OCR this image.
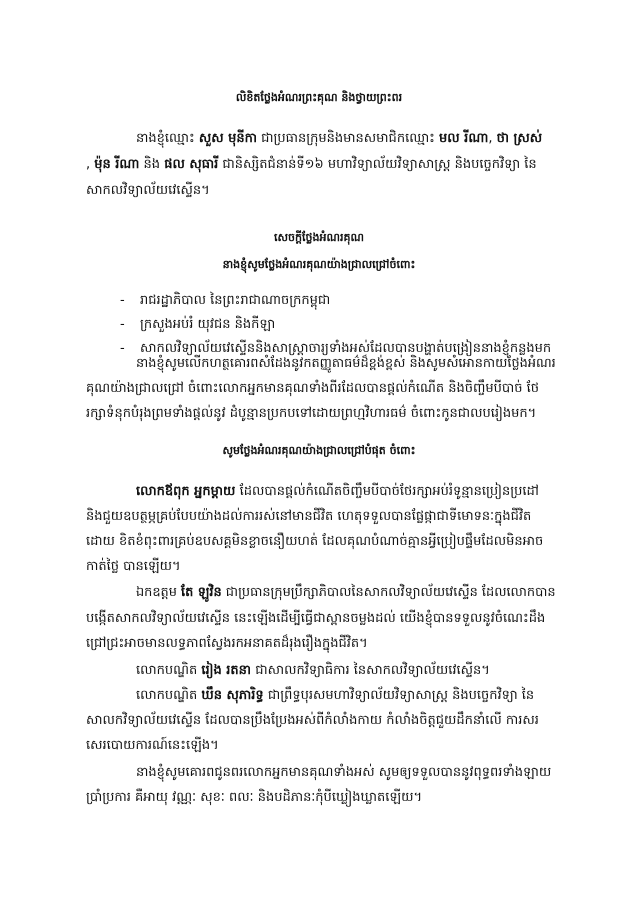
លិខិតថ្លែងអំណរព្រះគុណ និងថ្វាយព្រះពរ
នាងខ្ញុំឈ្មោះ សួស មុនីកា ជាប្រធានក្រុមនិងមានសមាជិកឈ្មោះ មល រីណា, ថា ស្រស់
, ម៉ុន រីណា និង ផល សុធារី ជានិស្សិតជំនាន់ទី១៦ មហាវិទ្យាល័យវិទ្យាសាស្ត្រ និងបច្ចេកវិទ្យា នៃ
សាកលវិទ្យាល័យវេស្ទើន។
សេចក្តីថ្លែងអំណរគុណ
នាងខ្ញុំសូមថ្លែងអំណរគុណយ៉ាងជ្រាលជ្រៅចំពោះ
- រាជរដ្ឋាភិបាល នៃព្រះរាជាណាចក្រកម្ពុជា
- ក្រសួងអប់រំ យុវជន និងកីឡា
- សាកលវិទ្យាល័យវេស្ទើននិងសាស្ត្រាចារ្យទាំងអស់ដែលបានបង្ហាត់បង្រៀននាងខ្ញុំកន្លងមក
នាងខ្ញុំសូមលើកហត្ថគោរពសំដែងនូវកតញ្ញូតាធម៌ដ៏ខ្ពង់ខ្ពស់ និងសូមសំអោនកាយថ្លែងអំណរ
គុណយ៉ាងជ្រាលជ្រៅ ចំពោះលោកអ្នកមានគុណទាំងពីរដែលបានផ្តល់កំណើត និងចិញ្ចឹមបីបាច់ ថែ
រក្សាទំនុកបំរុងព្រមទាំងផ្តល់នូវ ដំបូន្មានប្រកបទៅដោយព្រហ្មវិហារធម៌ ចំពោះកូនជាលបរៀងមក។
សូមថ្លែងអំណរគុណយ៉ាងជ្រាលជ្រៅបំផុត ចំពោះ
លោកឪពុក អ្នកម្តាយ ដែលបានផ្តល់កំណើតចិញ្ចឹមបីបាច់ថែរក្សាអប់រំទូន្មានប្រៀនប្រដៅ
និងជួយឧបត្ថម្ភគ្រប់បែបយ៉ាងដល់ការរស់នៅមានជីវិត ហេតុទទួលបានផ្លែផ្កាជាទីមោទនៈក្នុងជីវិត
ដោយ ខិតខំពុះពារគ្រប់ឧបសគ្គមិនខ្លាចនឿយហត់ ដែលគុណបំណាច់គ្មានអ្វីប្រៀបផ្ទឹមដែលមិនអាច
កាត់ថ្លៃ បានឡើយ។
ឯកឧត្តម តែ ឡូវិន ជាប្រធានក្រុមប្រឹក្សាភិបាលនៃសាកលវិទ្យាល័យវេស្ទើន ដែលលោកបាន
បង្កើតសាកលវិទ្យាល័យវេស្ទើន នេះឡើងដើម្បីធ្វើជាស្ពានចម្លងដល់ យើងខ្ញុំបានទទួលនូវចំណេះដឹង
ជ្រៅជ្រះអាចមានលទ្ធភាពស្វែងរកអនាគតដ៏រុងរឿងក្នុងជីវិត។
លោកបណ្ឌិត រៀង រតនា ជាសាលកវិទ្យាធិការ នៃសាកលវិទ្យាល័យវេស្ទើន។
លោកបណ្ឌិត ឃឹន សុភារិទ្ធ ជាព្រឹទ្ធបុរសមហាវិទ្យាល័យវិទ្យាសាស្ត្រ និងបច្ចេកវិទ្យា នៃ
សាលកវិទ្យាល័យវេស្ទើន ដែលបានប្រឹងប្រែងអស់ពីកំលាំងកាយ កំលាំងចិត្តជួយដឹកនាំលើ ការសរ
សេរបោយការណ៍នេះឡើង។
នាងខ្ញុំសូមគោរពជូនពរលោកអ្នកមានគុណទាំងអស់ សូមឲ្យទទួលបាននូវពុទ្ធពរទាំងឡាយ
ប្រាំប្រការ គឺអាយុ វណ្ណៈ សុខៈ ពលៈ និងបដិភានៈកុំបីឃ្លៀងឃ្លាតឡើយ។
